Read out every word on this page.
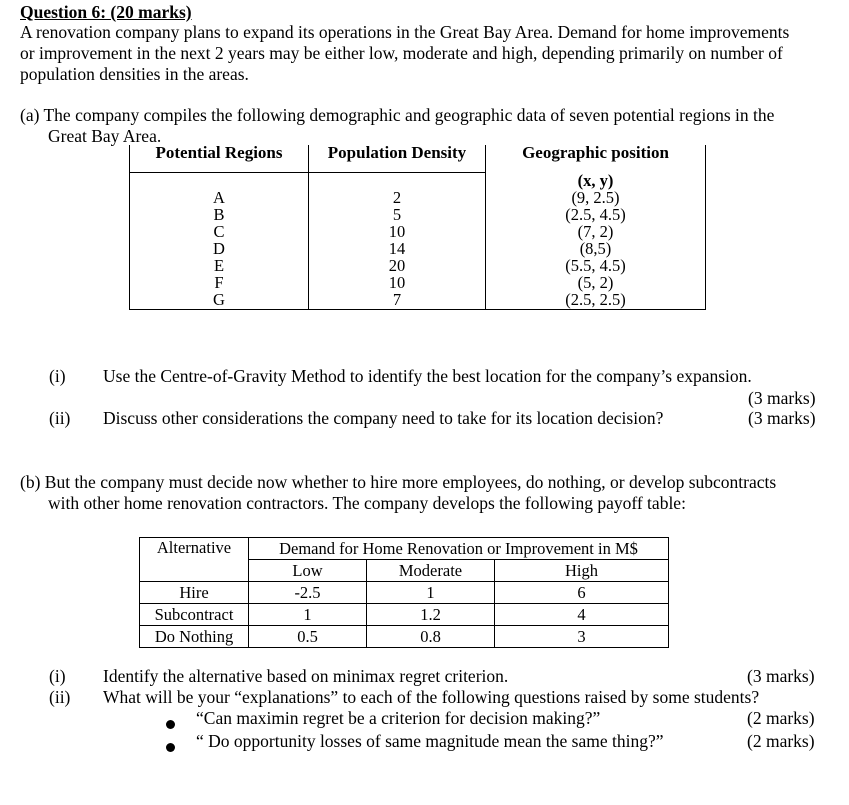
Question 6: (20 marks)
A renovation company plans to expand its operations in the Great Bay Area. Demand for home improvements
or improvement in the next 2 years may be either low, moderate and high, depending primarily on number of
population densities in the areas.
(a) The company compiles the following demographic and geographic data of seven potential regions in the
Great Bay Area.
Potential Regions	Population Density	Geographic position
		(x, y)
A	2	(9, 2.5)
B	5	(2.5, 4.5)
C	10	(7, 2)
D	14	(8,5)
E	20	(5.5, 4.5)
F	10	(5, 2)
G	7	(2.5, 2.5)
(i) Use the Centre-of-Gravity Method to identify the best location for the company’s expansion.
(3 marks)
(ii) Discuss other considerations the company need to take for its location decision?	(3 marks)
(b) But the company must decide now whether to hire more employees, do nothing, or develop subcontracts
with other home renovation contractors. The company develops the following payoff table:
Alternative	Demand for Home Renovation or Improvement in M$		
	Low	Moderate	High
Hire	-2.5	1	6
Subcontract	1	1.2	4
Do Nothing	0.5	0.8	3
(i) Identify the alternative based on minimax regret criterion.	(3 marks)
(ii) What will be your “explanations” to each of the following questions raised by some students?
“Can maximin regret be a criterion for decision making?”	(2 marks)
“ Do opportunity losses of same magnitude mean the same thing?”	(2 marks)
